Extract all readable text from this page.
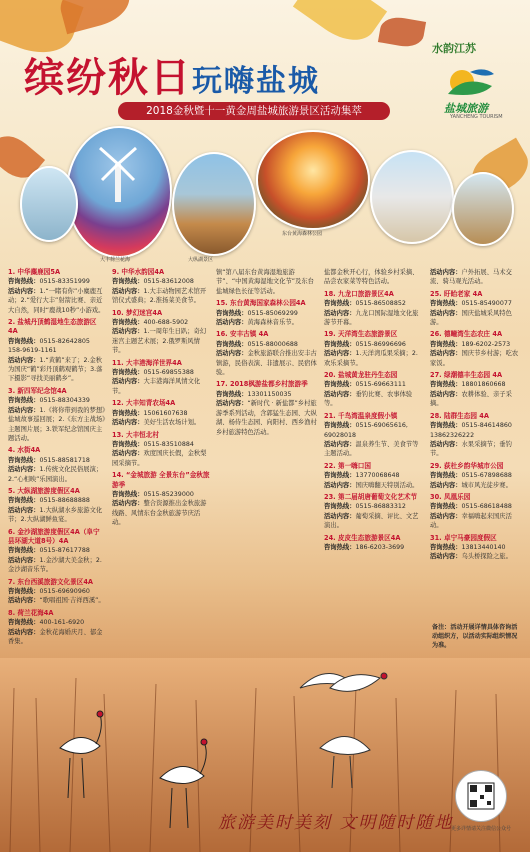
缤纷秋日玩嗨盐城
2018金秋暨十一黄金周盐城旅游景区活动集萃
水韵江苏
盐城旅游
YANCHENG TOURISM
大丰荷兰花海	大纵湖景区
东台黄海森林公园
1. 中华麋鹿园5A
咨询热线：0515-83351999
活动内容：1.“一睹有你”小麋鹿互动；2.“爱行大丰”射箭比赛、亲近大自然，同时“鹿战10秒”小游戏。
2. 盐城丹顶鹤湿地生态旅游区4A
咨询热线：0515-82642805 158-9619-1161
活动内容：1.“黄鹤”来了；2.金秋为国庆“鹤”彩丹顶鹤观鹤节；3.落下摄影“寻找美丽鹤乡”。
3. 新四军纪念馆4A
咨询热线：0515-88304339
活动内容：1.《将你带到我的梦想》盐城故事巡回展；2.《东方主战场》主题图片展；3.铁军纪念馆国庆主题活动。
4. 水街4A
咨询热线：0515-88581718
活动内容：1.传统文化民俗展演；2.“心相映”乐园演出。
5. 大纵湖旅游度假区4A
咨询热线：0515-88688888
活动内容：1.大纵湖水乡旅游文化节；2.大纵湖鲜鱼宴。
6. 金沙湖旅游度假区4A（阜宁县环湖大道8号）4A
咨询热线：0515-87617788
活动内容：1.金沙湖大美金秋；2.金沙湖音乐节。
7. 东台西溪旅游文化景区4A
咨询热线：0515-69690960
活动内容：“歌唱祖国·吉祥西溪”。
8. 荷兰花海4A
咨询热线：400-161-6920
活动内容：金秋花海婚庆月、郁金香集。
9. 中华水韵园4A
咨询热线：0515-83612008
活动内容：1.大丰动物园艺术馆开馆仪式盛典；2.淮扬菜美食节。
10. 梦幻迷宫4A
咨询热线：400-688-5902
活动内容：1.一周年生日趴；奇幻迷宫主题艺术展；2.俄罗斯风情节。
11. 大丰港海洋世界4A
咨询热线：0515-69855388
活动内容：大丰港海洋风情文化节。
12. 大丰知青农场4A
咨询热线：15061607638
活动内容：美好生活农场计划。
13. 大丰恒北村
咨询热线：0515-83510884
活动内容：欢度国庆长假，金秋梨园采摘节。
14. “金城旅游 全景东台”金秋旅游季
咨询热线：0515-85239000
活动内容：整合资源推出金秋旅游线路、风情东台金秋旅游节庆活动。
镇“第八届东台黄海湿地旅游节”、“中国黄海湿地文化节”及东台盐城绿色长征等活动。
15. 东台黄海国家森林公园4A
咨询热线：0515-85069299
活动内容：黄海森林音乐节。
16. 安丰古镇 4A
咨询热线：0515-88000688
活动内容：金秋旅游联合推出安丰古镇游，民俗表演、非遗展示、民宿体验。
17. 2018枫游盐都乡村旅游季
咨询热线：13301150035
活动内容：“新时代 · 新盐都”乡村旅游季系列活动，含郭猛生态园、大纵湖、杨侍生态园、向阳村、西乡渔村乡村旅游特色活动。
盐都金秋开心行，体验乡村采摘、品尝农家菜等特色活动。
18. 九龙口旅游景区4A
咨询热线：0515-86508852
活动内容：九龙口国际湿地文化旅游节开幕。
19. 天洋湾生态旅游景区
咨询热线：0515-86996696
活动内容：1.天洋湾瓜果采摘；2.欢乐采摘节。
20. 盐城黄龙驻丹生态园
咨询热线：0515-69663111
活动内容：垂钓比赛、农事体验等。
21. 千鸟湾温泉度假小镇
咨询热线：0515-69065616, 69028018
活动内容：温泉养生节、美食节等主题活动。
22. 第一嗨口国
咨询热线：13770068648
活动内容：国庆嗨翻天特别活动。
23. 第二届胡唐葡萄文化艺术节
咨询热线：0515-86883312
活动内容：葡萄采摘、评比、文艺演出。
24. 皮皮生态旅游景区4A
咨询热线：186-6203-3699
活动内容：户外拓展、马术交流、骑马观光活动。
25. 盱眙老家 4A
咨询热线：0515-85490077
活动内容：国庆盐城采风特色游。
26. 德疃湾生态农庄 4A
咨询热线：189-6202-2573
活动内容：国庆节乡村游；吃农家饭。
27. 绿潮德丰生态园 4A
咨询热线：18801860668
活动内容：农耕体验、亲子采摘。
28. 陆群生态园 4A
咨询热线：0515-84614860 13862326222
活动内容：水果采摘节；垂钓节。
29. 荻杜乡韵华城市公园
咨询热线：0515-67898688
活动内容：城市风光徒步赛。
30. 凤凰乐园
咨询热线：0515-68618488
活动内容：幸福嗨起来国庆活动。
31. 卓宁马豪园度假区
咨询热线：13813440140
活动内容：乌头桥探险之旅。
备注：活动开展详情具体咨询活动组织方，以活动实际组织情况为准。
更多详情请关注微信公众号
旅游美时美刻 文明随时随地
